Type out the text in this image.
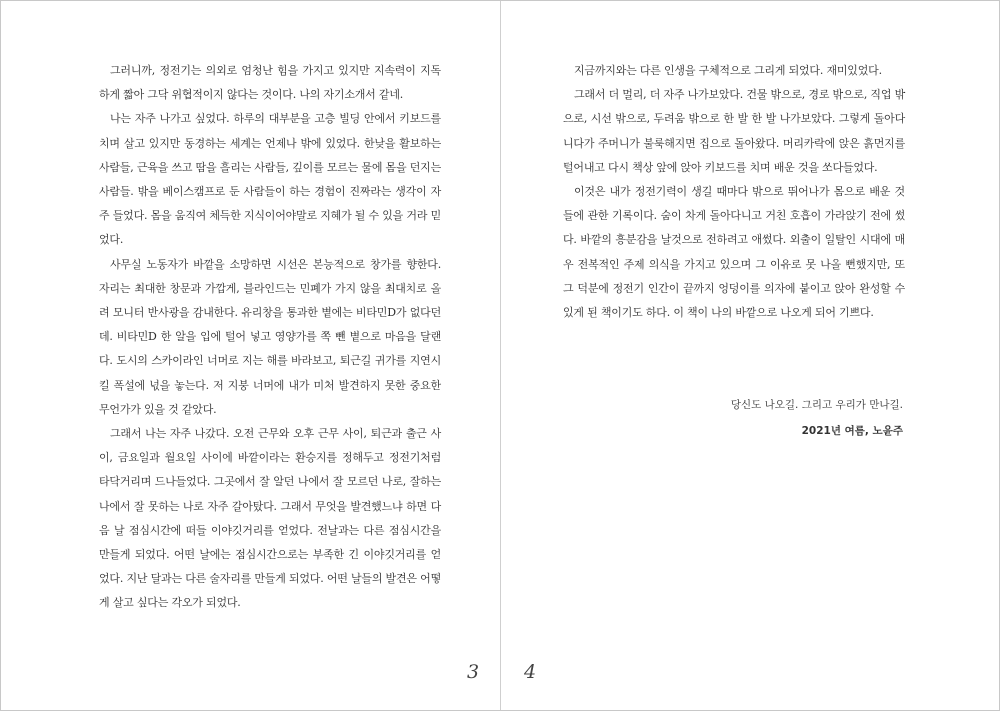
그러니까, 정전기는 의외로 엄청난 힘을 가지고 있지만 지속력이 지독하게 짧아 그닥 위협적이지 않다는 것이다. 나의 자기소개서 같네.

나는 자주 나가고 싶었다. 하루의 대부분을 고층 빌딩 안에서 키보드를 치며 살고 있지만 동경하는 세계는 언제나 밖에 있었다. 한낮을 활보하는 사람들, 근육을 쓰고 땀을 흘리는 사람들, 깊이를 모르는 물에 몸을 던지는 사람들. 밖을 베이스캠프로 둔 사람들이 하는 경험이 진짜라는 생각이 자주 들었다. 몸을 움직여 체득한 지식이어야말로 지혜가 될 수 있을 거라 믿었다.

사무실 노동자가 바깥을 소망하면 시선은 본능적으로 창가를 향한다. 자리는 최대한 창문과 가깝게, 블라인드는 민폐가 가지 않을 최대치로 올려 모니터 반사광을 감내한다. 유리창을 통과한 볕에는 비타민D가 없다던데. 비타민D 한 알을 입에 털어 넣고 영양가를 쪽 뺀 볕으로 마음을 달랜다. 도시의 스카이라인 너머로 지는 해를 바라보고, 퇴근길 귀가를 지연시킬 폭설에 넋을 놓는다. 저 지붕 너머에 내가 미처 발견하지 못한 중요한 무언가가 있을 것 같았다.

그래서 나는 자주 나갔다. 오전 근무와 오후 근무 사이, 퇴근과 출근 사이, 금요일과 월요일 사이에 바깥이라는 환승지를 정해두고 정전기처럼 타닥거리며 드나들었다. 그곳에서 잘 알던 나에서 잘 모르던 나로, 잘하는 나에서 잘 못하는 나로 자주 갈아탔다. 그래서 무엇을 발견했느냐 하면 다음 날 점심시간에 떠들 이야깃거리를 얻었다. 전날과는 다른 점심시간을 만들게 되었다. 어떤 날에는 점심시간으로는 부족한 긴 이야깃거리를 얻었다. 지난 달과는 다른 술자리를 만들게 되었다. 어떤 날들의 발견은 어떻게 살고 싶다는 각오가 되었다.

지금까지와는 다른 인생을 구체적으로 그리게 되었다. 재미있었다.

그래서 더 멀리, 더 자주 나가보았다. 건물 밖으로, 경로 밖으로, 직업 밖으로, 시선 밖으로, 두려움 밖으로 한 발 한 발 나가보았다. 그렇게 돌아다니다가 주머니가 불룩해지면 집으로 돌아왔다. 머리카락에 앉은 흙먼지를 털어내고 다시 책상 앞에 앉아 키보드를 치며 배운 것을 쏘다들었다.

이것은 내가 정전기력이 생길 때마다 밖으로 뛰어나가 몸으로 배운 것들에 관한 기록이다. 숨이 차게 돌아다니고 거친 호흡이 가라앉기 전에 썼다. 바깥의 흥분감을 날것으로 전하려고 애썼다. 외출이 일탈인 시대에 매우 전복적인 주제 의식을 가지고 있으며 그 이유로 못 나올 뻔했지만, 또 그 덕분에 정전기 인간이 끝까지 엉덩이를 의자에 붙이고 앉아 완성할 수 있게 된 책이기도 하다. 이 책이 나의 바깥으로 나오게 되어 기쁘다.

당신도 나오길. 그리고 우리가 만나길.
2021년 여름, 노윤주
3 4
